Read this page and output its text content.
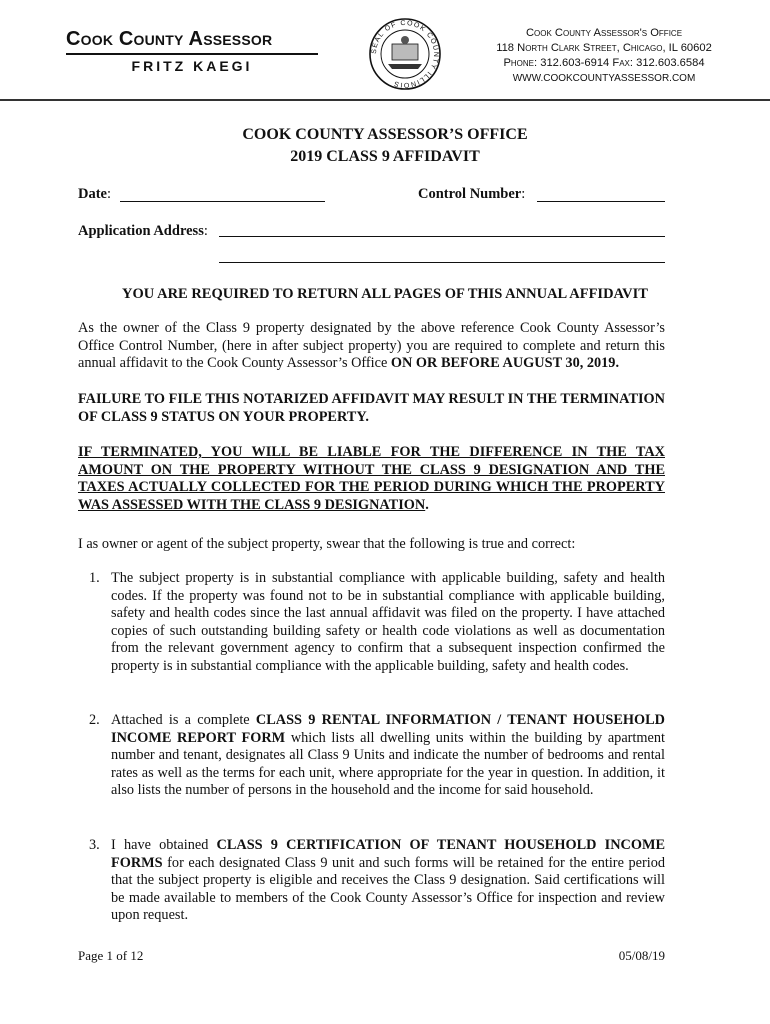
Cook County Assessor
FRITZ KAEGI
SEAL OF COOK COUNTY ILLINOIS
Cook County Assessor's Office
118 North Clark Street, Chicago, IL 60602
Phone: 312.603-6914 Fax: 312.603.6584
WWW.COOKCOUNTYASSESSOR.COM
COOK COUNTY ASSESSOR’S OFFICE
2019 CLASS 9 AFFIDAVIT
Date:	Control Number:
Application Address:
YOU ARE REQUIRED TO RETURN ALL PAGES OF THIS ANNUAL AFFIDAVIT
As the owner of the Class 9 property designated by the above reference Cook County Assessor’s Office Control Number, (here in after subject property) you are required to complete and return this annual affidavit to the Cook County Assessor’s Office ON OR BEFORE AUGUST 30, 2019.
FAILURE TO FILE THIS NOTARIZED AFFIDAVIT MAY RESULT IN THE TERMINATION OF CLASS 9 STATUS ON YOUR PROPERTY.
IF TERMINATED, YOU WILL BE LIABLE FOR THE DIFFERENCE IN THE TAX AMOUNT ON THE PROPERTY WITHOUT THE CLASS 9 DESIGNATION AND THE TAXES ACTUALLY COLLECTED FOR THE PERIOD DURING WHICH THE PROPERTY WAS ASSESSED WITH THE CLASS 9 DESIGNATION.
I as owner or agent of the subject property, swear that the following is true and correct:
1. The subject property is in substantial compliance with applicable building, safety and health codes. If the property was found not to be in substantial compliance with applicable building, safety and health codes since the last annual affidavit was filed on the property. I have attached copies of such outstanding building safety or health code violations as well as documentation from the relevant government agency to confirm that a subsequent inspection confirmed the property is in substantial compliance with the applicable building, safety and health codes.
2. Attached is a complete CLASS 9 RENTAL INFORMATION / TENANT HOUSEHOLD INCOME REPORT FORM which lists all dwelling units within the building by apartment number and tenant, designates all Class 9 Units and indicate the number of bedrooms and rental rates as well as the terms for each unit, where appropriate for the year in question. In addition, it also lists the number of persons in the household and the income for said household.
3. I have obtained CLASS 9 CERTIFICATION OF TENANT HOUSEHOLD INCOME FORMS for each designated Class 9 unit and such forms will be retained for the entire period that the subject property is eligible and receives the Class 9 designation. Said certifications will be made available to members of the Cook County Assessor’s Office for inspection and review upon request.
Page 1 of 12	05/08/19
